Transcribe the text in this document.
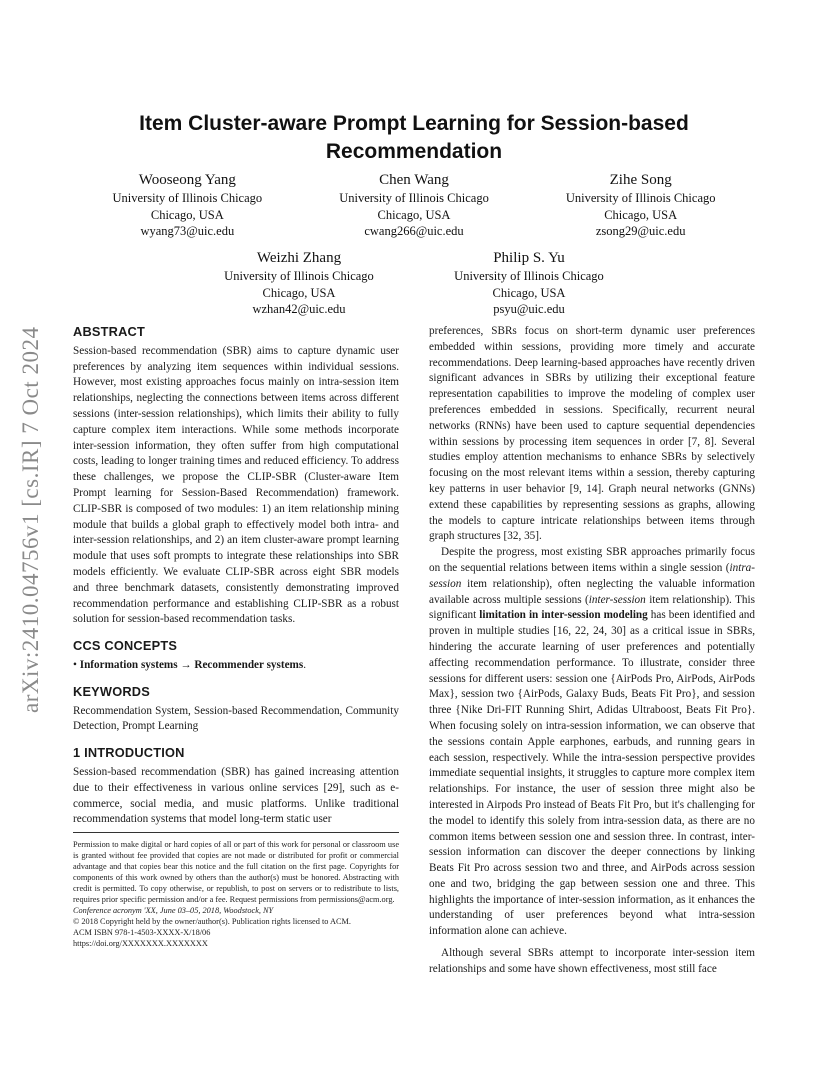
arXiv:2410.04756v1 [cs.IR] 7 Oct 2024
Item Cluster-aware Prompt Learning for Session-based Recommendation
Wooseong Yang
University of Illinois Chicago
Chicago, USA
wyang73@uic.edu
Chen Wang
University of Illinois Chicago
Chicago, USA
cwang266@uic.edu
Zihe Song
University of Illinois Chicago
Chicago, USA
zsong29@uic.edu
Weizhi Zhang
University of Illinois Chicago
Chicago, USA
wzhan42@uic.edu
Philip S. Yu
University of Illinois Chicago
Chicago, USA
psyu@uic.edu
ABSTRACT

Session-based recommendation (SBR) aims to capture dynamic user preferences by analyzing item sequences within individual sessions. However, most existing approaches focus mainly on intra-session item relationships, neglecting the connections between items across different sessions (inter-session relationships), which limits their ability to fully capture complex item interactions. While some methods incorporate inter-session information, they often suffer from high computational costs, leading to longer training times and reduced efficiency. To address these challenges, we propose the CLIP-SBR (Cluster-aware Item Prompt learning for Session-Based Recommendation) framework. CLIP-SBR is composed of two modules: 1) an item relationship mining module that builds a global graph to effectively model both intra- and inter-session relationships, and 2) an item cluster-aware prompt learning module that uses soft prompts to integrate these relationships into SBR models efficiently. We evaluate CLIP-SBR across eight SBR models and three benchmark datasets, consistently demonstrating improved recommendation performance and establishing CLIP-SBR as a robust solution for session-based recommendation tasks.

CCS CONCEPTS

• Information systems → Recommender systems.

KEYWORDS

Recommendation System, Session-based Recommendation, Community Detection, Prompt Learning

1 INTRODUCTION

Session-based recommendation (SBR) has gained increasing attention due to their effectiveness in various online services [29], such as e-commerce, social media, and music platforms. Unlike traditional recommendation systems that model long-term static user

Permission to make digital or hard copies of all or part of this work for personal or classroom use is granted without fee provided that copies are not made or distributed for profit or commercial advantage and that copies bear this notice and the full citation on the first page. Copyrights for components of this work owned by others than the author(s) must be honored. Abstracting with credit is permitted. To copy otherwise, or republish, to post on servers or to redistribute to lists, requires prior specific permission and/or a fee. Request permissions from permissions@acm.org.
Conference acronym 'XX, June 03–05, 2018, Woodstock, NY
© 2018 Copyright held by the owner/author(s). Publication rights licensed to ACM.
ACM ISBN 978-1-4503-XXXX-X/18/06
https://doi.org/XXXXXXX.XXXXXXX

preferences, SBRs focus on short-term dynamic user preferences embedded within sessions, providing more timely and accurate recommendations. Deep learning-based approaches have recently driven significant advances in SBRs by utilizing their exceptional feature representation capabilities to improve the modeling of complex user preferences embedded in sessions. Specifically, recurrent neural networks (RNNs) have been used to capture sequential dependencies within sessions by processing item sequences in order [7, 8]. Several studies employ attention mechanisms to enhance SBRs by selectively focusing on the most relevant items within a session, thereby capturing key patterns in user behavior [9, 14]. Graph neural networks (GNNs) extend these capabilities by representing sessions as graphs, allowing the models to capture intricate relationships between items through graph structures [32, 35].

Despite the progress, most existing SBR approaches primarily focus on the sequential relations between items within a single session (intra-session item relationship), often neglecting the valuable information available across multiple sessions (inter-session item relationship). This significant limitation in inter-session modeling has been identified and proven in multiple studies [16, 22, 24, 30] as a critical issue in SBRs, hindering the accurate learning of user preferences and potentially affecting recommendation performance. To illustrate, consider three sessions for different users: session one {AirPods Pro, AirPods, AirPods Max}, session two {AirPods, Galaxy Buds, Beats Fit Pro}, and session three {Nike Dri-FIT Running Shirt, Adidas Ultraboost, Beats Fit Pro}. When focusing solely on intra-session information, we can observe that the sessions contain Apple earphones, earbuds, and running gears in each session, respectively. While the intra-session perspective provides immediate sequential insights, it struggles to capture more complex item relationships. For instance, the user of session three might also be interested in Airpods Pro instead of Beats Fit Pro, but it's challenging for the model to identify this solely from intra-session data, as there are no common items between session one and session three. In contrast, inter-session information can discover the deeper connections by linking Beats Fit Pro across session two and three, and AirPods across session one and two, bridging the gap between session one and three. This highlights the importance of inter-session information, as it enhances the understanding of user preferences beyond what intra-session information alone can achieve.

Although several SBRs attempt to incorporate inter-session item relationships and some have shown effectiveness, most still face
